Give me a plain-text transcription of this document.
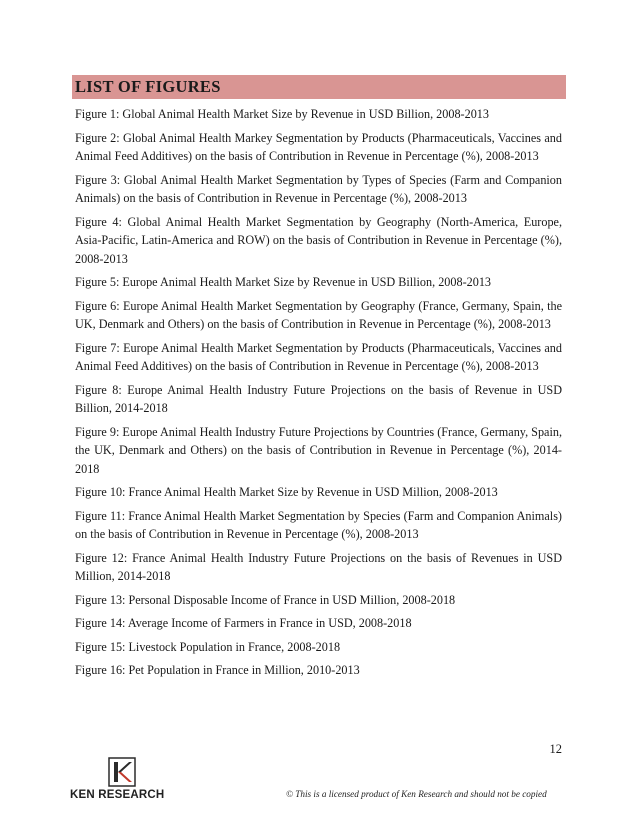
LIST OF FIGURES
Figure 1: Global Animal Health Market Size by Revenue in USD Billion, 2008-2013
Figure 2: Global Animal Health Markey Segmentation by Products (Pharmaceuticals, Vaccines and Animal Feed Additives) on the basis of Contribution in Revenue in Percentage (%), 2008-2013
Figure 3: Global Animal Health Market Segmentation by Types of Species (Farm and Companion Animals) on the basis of Contribution in Revenue in Percentage (%), 2008-2013
Figure 4: Global Animal Health Market Segmentation by Geography (North-America, Europe, Asia-Pacific, Latin-America and ROW) on the basis of Contribution in Revenue in Percentage (%), 2008-2013
Figure 5: Europe Animal Health Market Size by Revenue in USD Billion, 2008-2013
Figure 6: Europe Animal Health Market Segmentation by Geography (France, Germany, Spain, the UK, Denmark and Others) on the basis of Contribution in Revenue in Percentage (%), 2008-2013
Figure 7: Europe Animal Health Market Segmentation by Products (Pharmaceuticals, Vaccines and Animal Feed Additives) on the basis of Contribution in Revenue in Percentage (%), 2008-2013
Figure 8: Europe Animal Health Industry Future Projections on the basis of Revenue in USD Billion, 2014-2018
Figure 9: Europe Animal Health Industry Future Projections by Countries (France, Germany, Spain, the UK, Denmark and Others) on the basis of Contribution in Revenue in Percentage (%), 2014-2018
Figure 10: France Animal Health Market Size by Revenue in USD Million, 2008-2013
Figure 11: France Animal Health Market Segmentation by Species (Farm and Companion Animals) on the basis of Contribution in Revenue in Percentage (%), 2008-2013
Figure 12: France Animal Health Industry Future Projections on the basis of Revenues in USD Million, 2014-2018
Figure 13: Personal Disposable Income of France in USD Million, 2008-2018
Figure 14: Average Income of Farmers in France in USD, 2008-2018
Figure 15: Livestock Population in France, 2008-2018
Figure 16: Pet Population in France in Million, 2010-2013
12
KEN RESEARCH	© This is a licensed product of Ken Research and should not be copied
